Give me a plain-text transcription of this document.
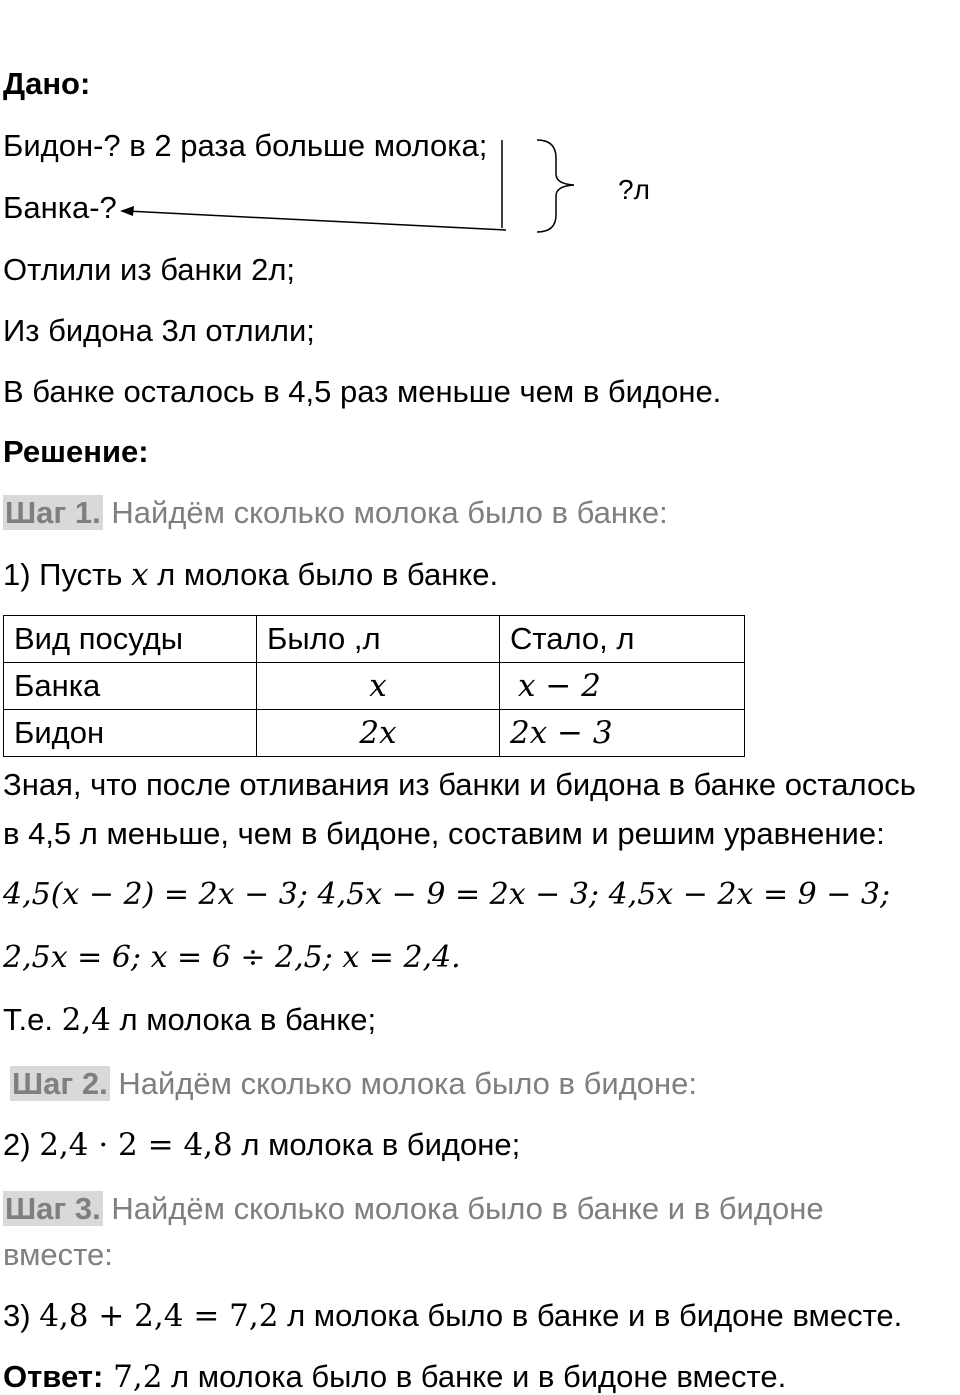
Дано:
Бидон-? в 2 раза больше молока;
Банка-?
?л
Отлили из банки 2л;
Из бидона 3л отлили;
В банке осталось в 4,5 раз меньше чем в бидоне.
Решение:
Шаг 1. Найдём сколько молока было в банке:
1) Пусть x л молока было в банке.
Вид посуды	Было ,л	Стало, л
Банка	x	x − 2
Бидон	2x	2x − 3
Зная, что после отливания из банки и бидона в банке осталось
в 4,5 л меньше, чем в бидоне, составим и решим уравнение:
4,5(x − 2) = 2x − 3; 4,5x − 9 = 2x − 3; 4,5x − 2x = 9 − 3;
2,5x = 6; x = 6 ÷ 2,5; x = 2,4.
Т.е. 2,4 л молока в банке;
Шаг 2. Найдём сколько молока было в бидоне:
2) 2,4 · 2 = 4,8 л молока в бидоне;
Шаг 3. Найдём сколько молока было в банке и в бидоне
вместе:
3) 4,8 + 2,4 = 7,2 л молока было в банке и в бидоне вместе.
Ответ: 7,2 л молока было в банке и в бидоне вместе.
